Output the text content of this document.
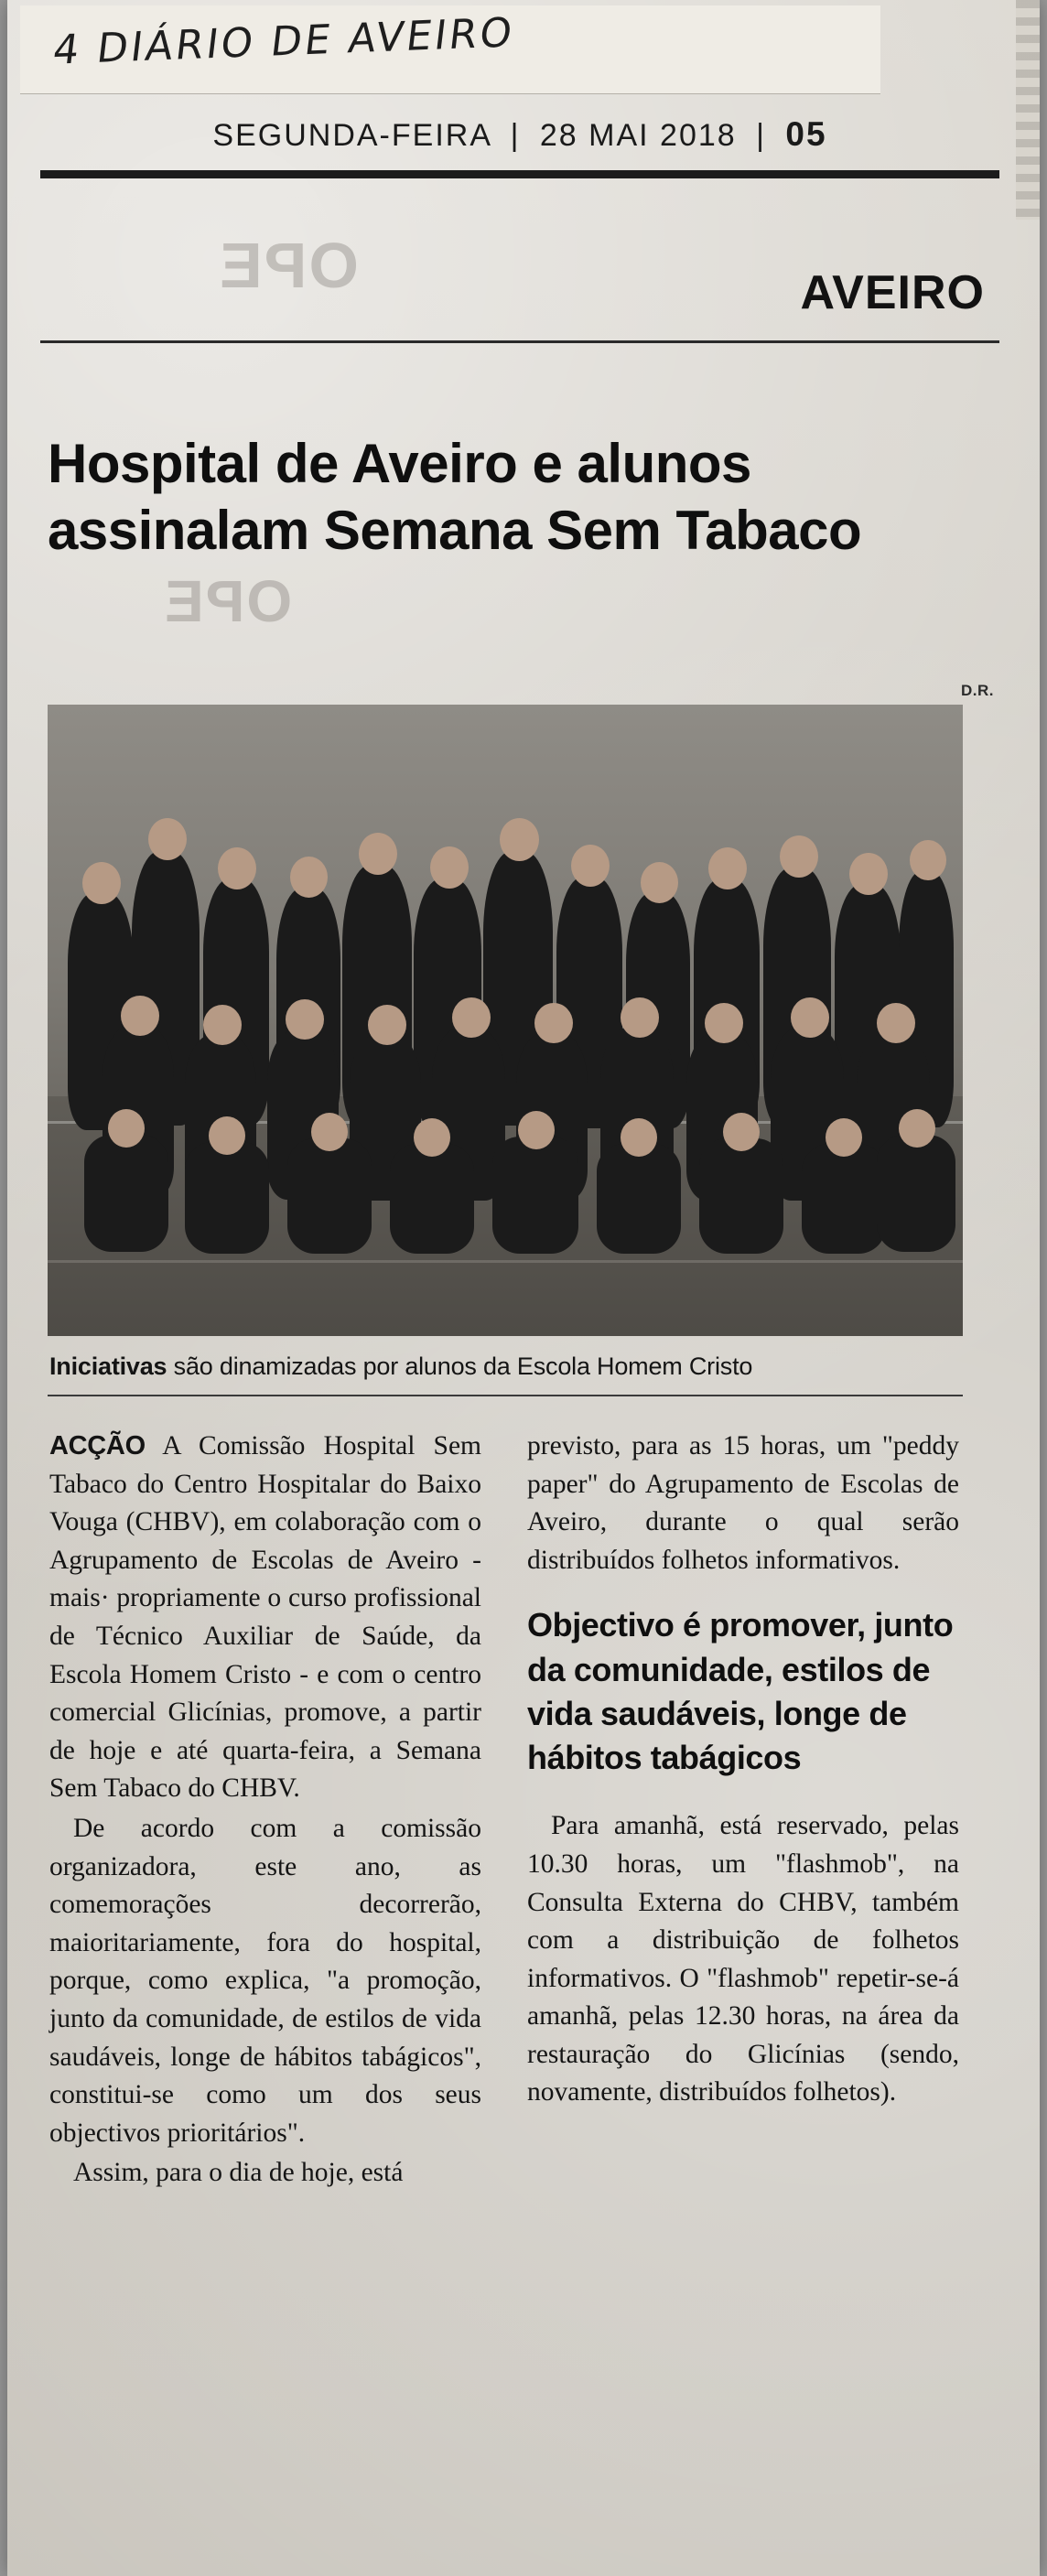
4 DIÁRIO DE AVEIRO
SEGUNDA-FEIRA | 28 MAI 2018 | 05
OPE
OPE
AVEIRO
Hospital de Aveiro e alunos assinalam Semana Sem Tabaco
D.R.
Iniciativas são dinamizadas por alunos da Escola Homem Cristo

ACÇÃO A Comissão Hospital Sem Tabaco do Centro Hospitalar do Baixo Vouga (CHBV), em colaboração com o Agrupamento de Escolas de Aveiro - mais· propriamente o curso profissional de Técnico Auxiliar de Saúde, da Escola Homem Cristo - e com o centro comercial Glicínias, promove, a partir de hoje e até quarta-feira, a Semana Sem Tabaco do CHBV.

De acordo com a comissão organizadora, este ano, as comemorações decorrerão, maioritariamente, fora do hospital, porque, como explica, "a promoção, junto da comunidade, de estilos de vida saudáveis, longe de hábitos tabágicos", constitui-se como um dos seus objectivos prioritários".

Assim, para o dia de hoje, está

previsto, para as 15 horas, um "peddy paper" do Agrupamento de Escolas de Aveiro, durante o qual serão distribuídos folhetos informativos.

Objectivo é promover, junto da comunidade, estilos de vida saudáveis, longe de hábitos tabágicos

Para amanhã, está reservado, pelas 10.30 horas, um "flashmob", na Consulta Externa do CHBV, também com a distribuição de folhetos informativos. O "flashmob" repetir-se-á amanhã, pelas 12.30 horas, na área da restauração do Glicínias (sendo, novamente, distribuídos folhetos).
